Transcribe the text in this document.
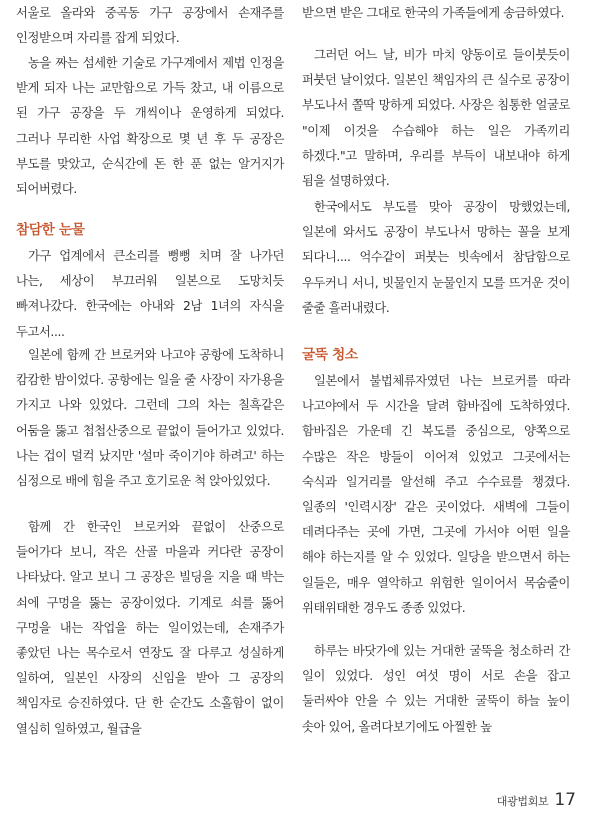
서울로 올라와 중곡동 가구 공장에서 손재주를 인정받으며 자리를 잡게 되었다.

농을 짜는 섬세한 기술로 가구계에서 제법 인정을 받게 되자 나는 교만함으로 가득 찼고, 내 이름으로 된 가구 공장을 두 개씩이나 운영하게 되었다. 그러나 무리한 사업 확장으로 몇 년 후 두 공장은 부도를 맞았고, 순식간에 돈 한 푼 없는 알거지가 되어버렸다.

참담한 눈물

가구 업계에서 큰소리를 뻥뻥 치며 잘 나가던 나는, 세상이 부끄러워 일본으로 도망치듯 빠져나갔다. 한국에는 아내와 2남 1녀의 자식을 두고서....

일본에 함께 간 브로커와 나고야 공항에 도착하니 캄캄한 밤이었다. 공항에는 일을 줄 사장이 자가용을 가지고 나와 있었다. 그런데 그의 차는 칠흑같은 어둠을 뚫고 첩첩산중으로 끝없이 들어가고 있었다. 나는 겁이 덜컥 났지만 '설마 죽이기야 하려고' 하는 심정으로 배에 힘을 주고 호기로운 척 앉아있었다.

함께 간 한국인 브로커와 끝없이 산중으로 들어가다 보니, 작은 산골 마을과 커다란 공장이 나타났다. 알고 보니 그 공장은 빌딩을 지을 때 박는 쇠에 구멍을 뚫는 공장이었다. 기계로 쇠를 뚫어 구멍을 내는 작업을 하는 일이었는데, 손재주가 좋았던 나는 목수로서 연장도 잘 다루고 성실하게 일하여, 일본인 사장의 신임을 받아 그 공장의 책임자로 승진하였다. 단 한 순간도 소홀함이 없이 열심히 일하였고, 월급을

받으면 받은 그대로 한국의 가족들에게 송금하였다.

그러던 어느 날, 비가 마치 양동이로 들이붓듯이 퍼붓던 날이었다. 일본인 책임자의 큰 실수로 공장이 부도나서 쫄딱 망하게 되었다. 사장은 침통한 얼굴로 "이제 이것을 수습해야 하는 일은 가족끼리 하겠다."고 말하며, 우리를 부득이 내보내야 하게 됨을 설명하였다.

한국에서도 부도를 맞아 공장이 망했었는데, 일본에 와서도 공장이 부도나서 망하는 꼴을 보게 되다니.... 억수같이 퍼붓는 빗속에서 참담함으로 우두커니 서니, 빗물인지 눈물인지 모를 뜨거운 것이 줄줄 흘러내렸다.

굴뚝 청소

일본에서 불법체류자였던 나는 브로커를 따라 나고야에서 두 시간을 달려 함바집에 도착하였다. 함바집은 가운데 긴 복도를 중심으로, 양쪽으로 수많은 작은 방들이 이어져 있었고 그곳에서는 숙식과 일거리를 알선해 주고 수수료를 챙겼다. 일종의 '인력시장' 같은 곳이었다. 새벽에 그들이 데려다주는 곳에 가면, 그곳에 가서야 어떤 일을 해야 하는지를 알 수 있었다. 일당을 받으면서 하는 일들은, 매우 열악하고 위험한 일이어서 목숨줄이 위태위태한 경우도 종종 있었다.

하루는 바닷가에 있는 거대한 굴뚝을 청소하러 간 일이 있었다. 성인 여섯 명이 서로 손을 잡고 둘러싸야 안을 수 있는 거대한 굴뚝이 하늘 높이 솟아 있어, 올려다보기에도 아찔한 높

대광법회보 17
